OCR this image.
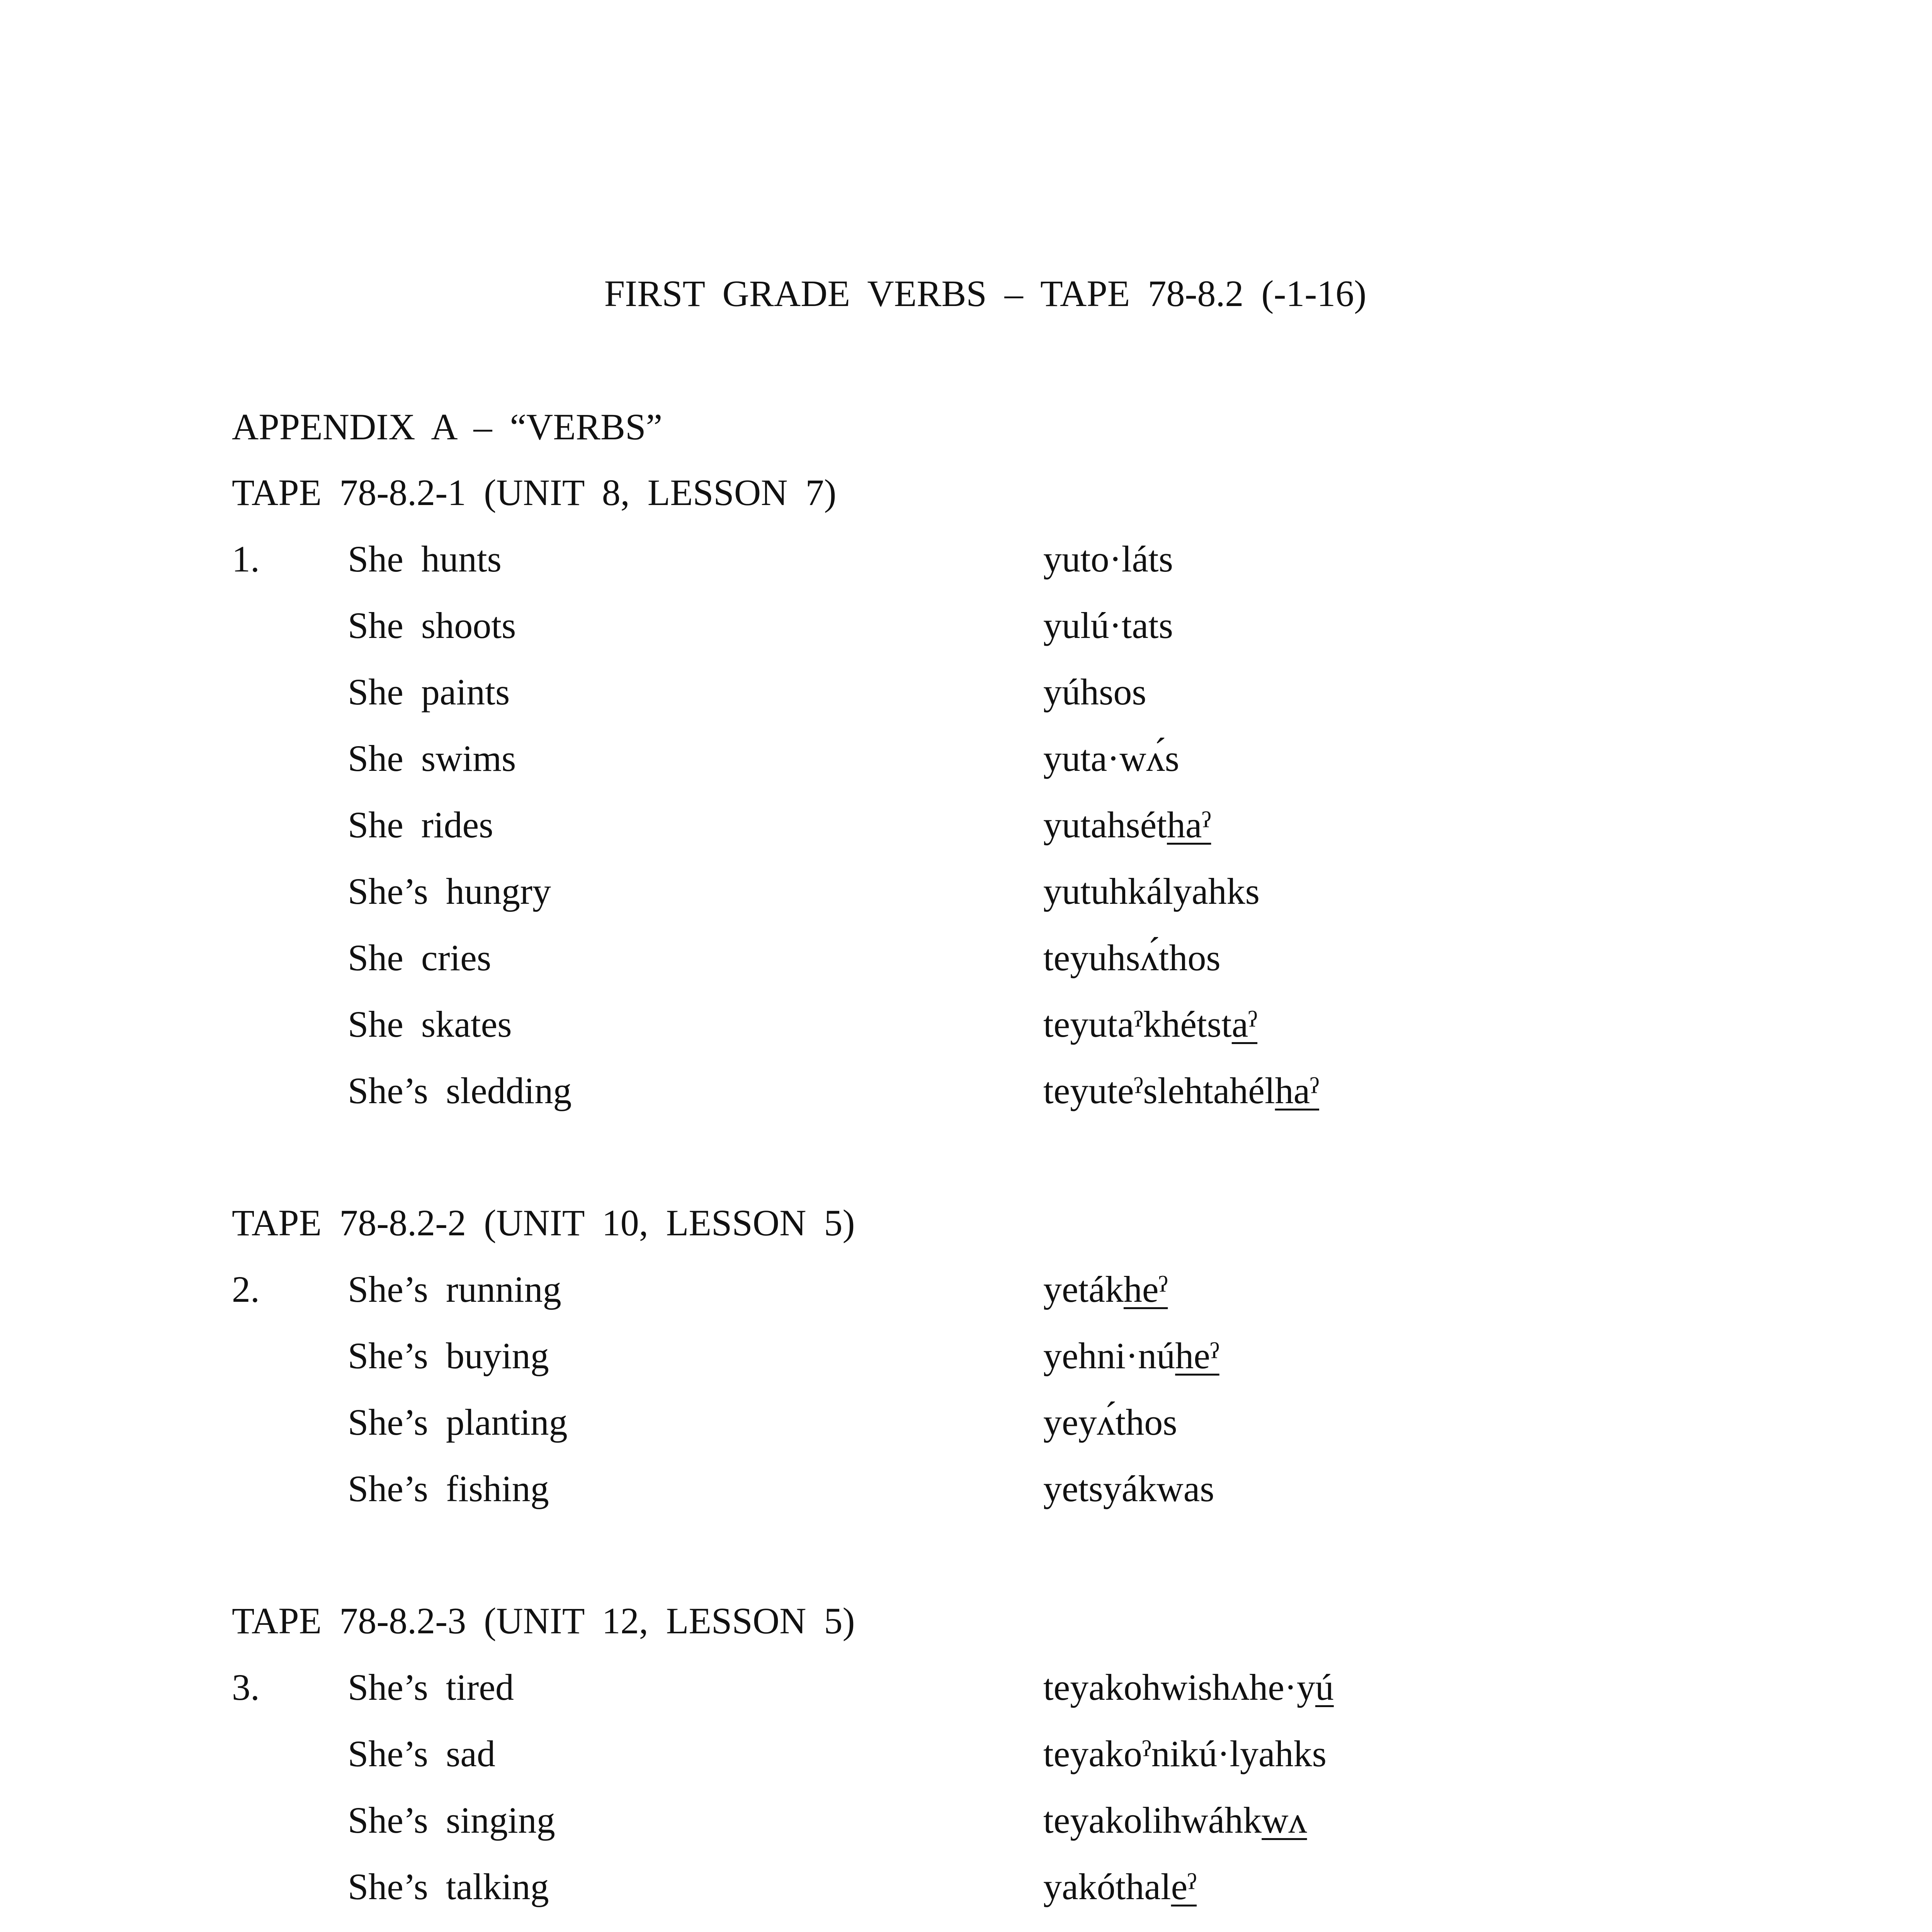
FIRST GRADE VERBS – TAPE 78-8.2 (-1-16)
APPENDIX A – “VERBS”
TAPE 78-8.2-1 (UNIT 8, LESSON 7)
1. She hunts	yuto·láts
She shoots	yulú·tats
She paints	yúhsos
She swims	yuta·wʌ́s
She rides	yutahséthaˀ
She’s hungry	yutuhkályahks
She cries	teyuhsʌ́thos
She skates	teyutaˀkhétstaˀ
She’s sledding	teyuteˀslehtahélhaˀ
TAPE 78-8.2-2 (UNIT 10, LESSON 5)
2. She’s running	yetákheˀ
She’s buying	yehni·núheˀ
She’s planting	yeyʌ́thos
She’s fishing	yetsyákwas
TAPE 78-8.2-3 (UNIT 12, LESSON 5)
3. She’s tired	teyakohwishʌhe·yú
She’s sad	teyakoˀnikú·lyahks
She’s singing	teyakolihwáhkwʌ
She’s talking	yakóthaleˀ
